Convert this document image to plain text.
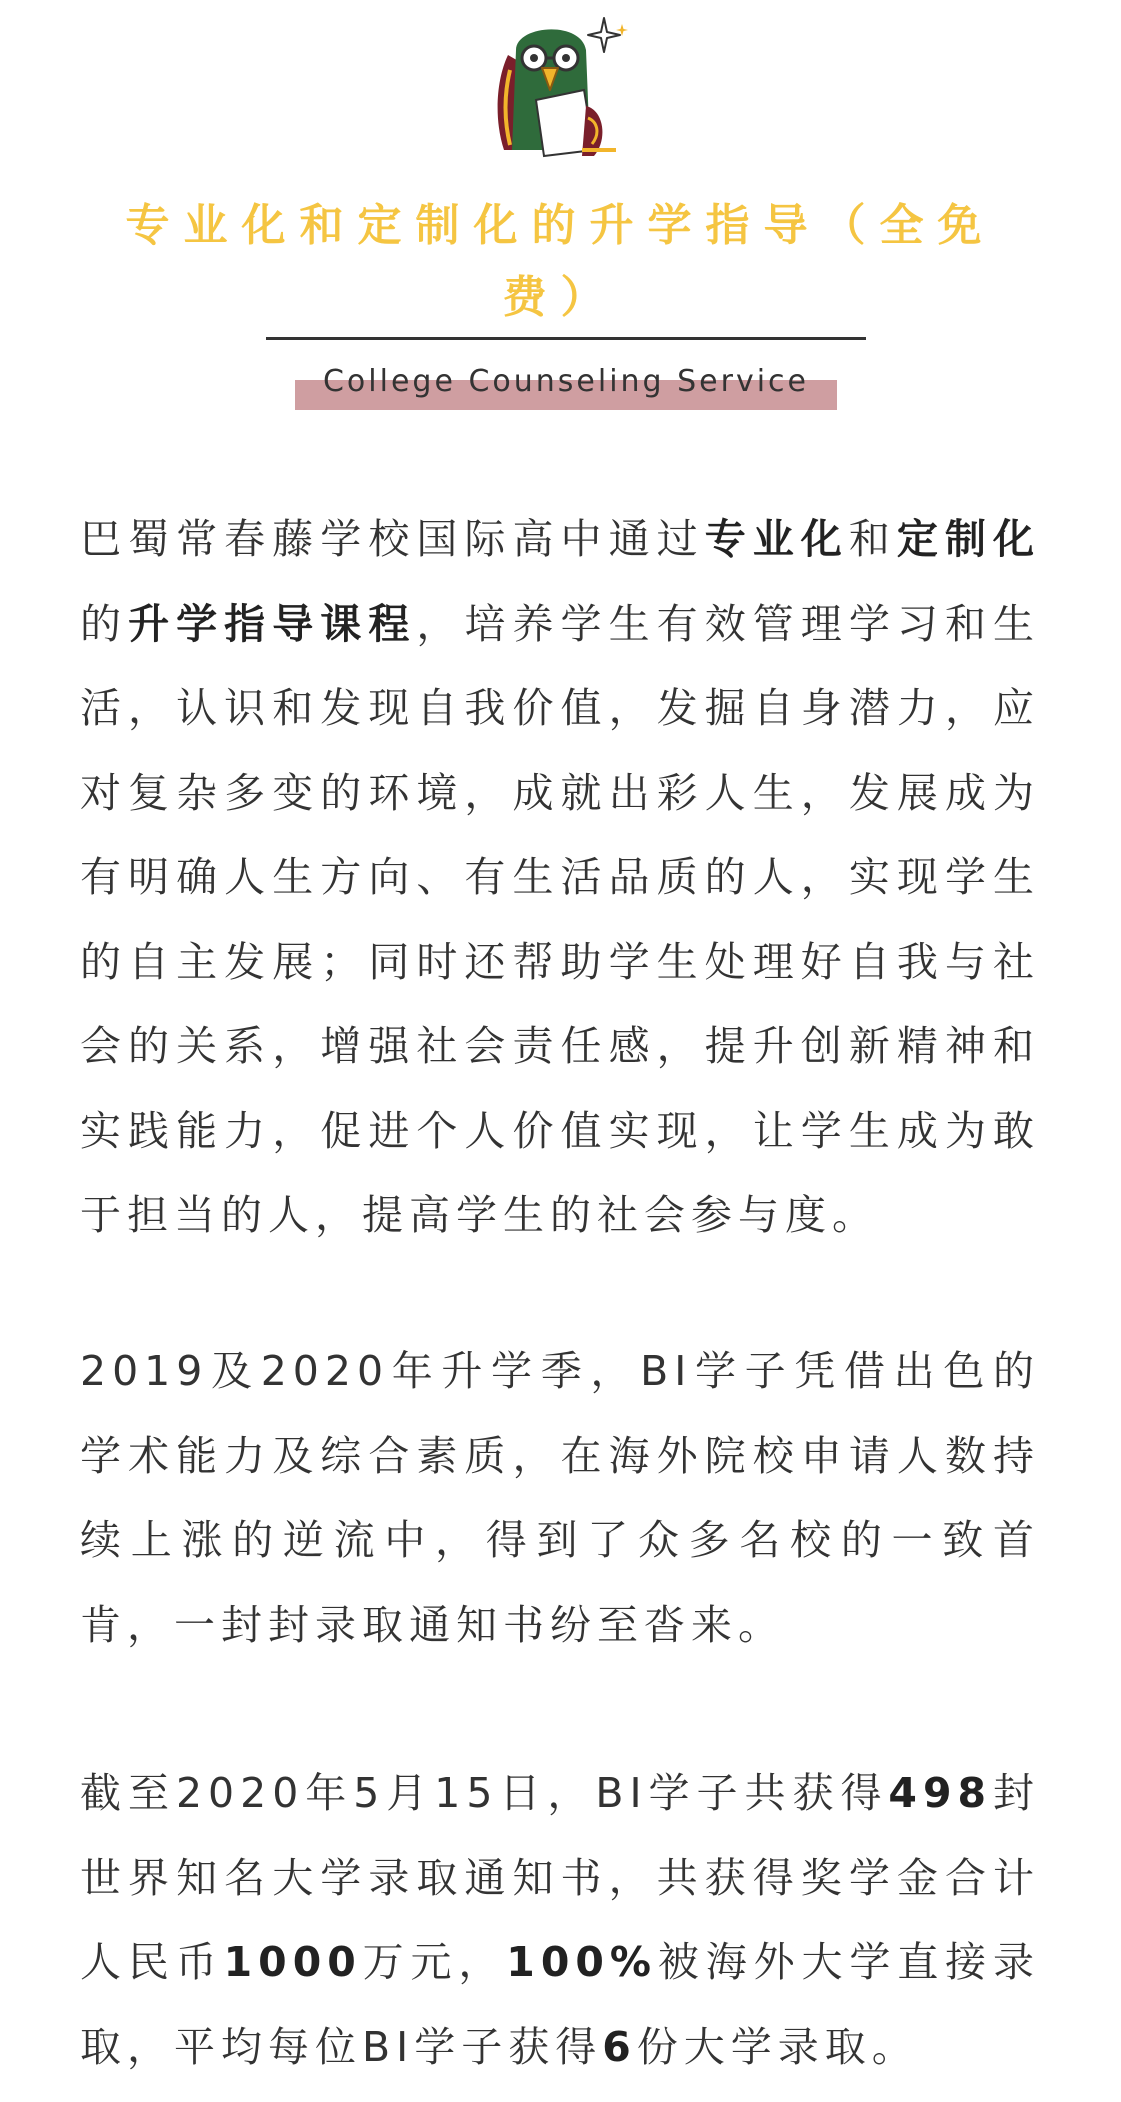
专业化和定制化的升学指导（全免费）
College Counseling Service

巴蜀常春藤学校国际高中通过专业化和定制化的升学指导课程，培养学生有效管理学习和生活，认识和发现自我价值，发掘自身潜力，应对复杂多变的环境，成就出彩人生，发展成为有明确人生方向、有生活品质的人，实现学生的自主发展；同时还帮助学生处理好自我与社会的关系，增强社会责任感，提升创新精神和实践能力，促进个人价值实现，让学生成为敢于担当的人，提高学生的社会参与度。

2019及2020年升学季，BI学子凭借出色的学术能力及综合素质，在海外院校申请人数持续上涨的逆流中，得到了众多名校的一致首肯，一封封录取通知书纷至沓来。

截至2020年5月15日，BI学子共获得498封世界知名大学录取通知书，共获得奖学金合计人民币1000万元，100%被海外大学直接录取，平均每位BI学子获得6份大学录取。
